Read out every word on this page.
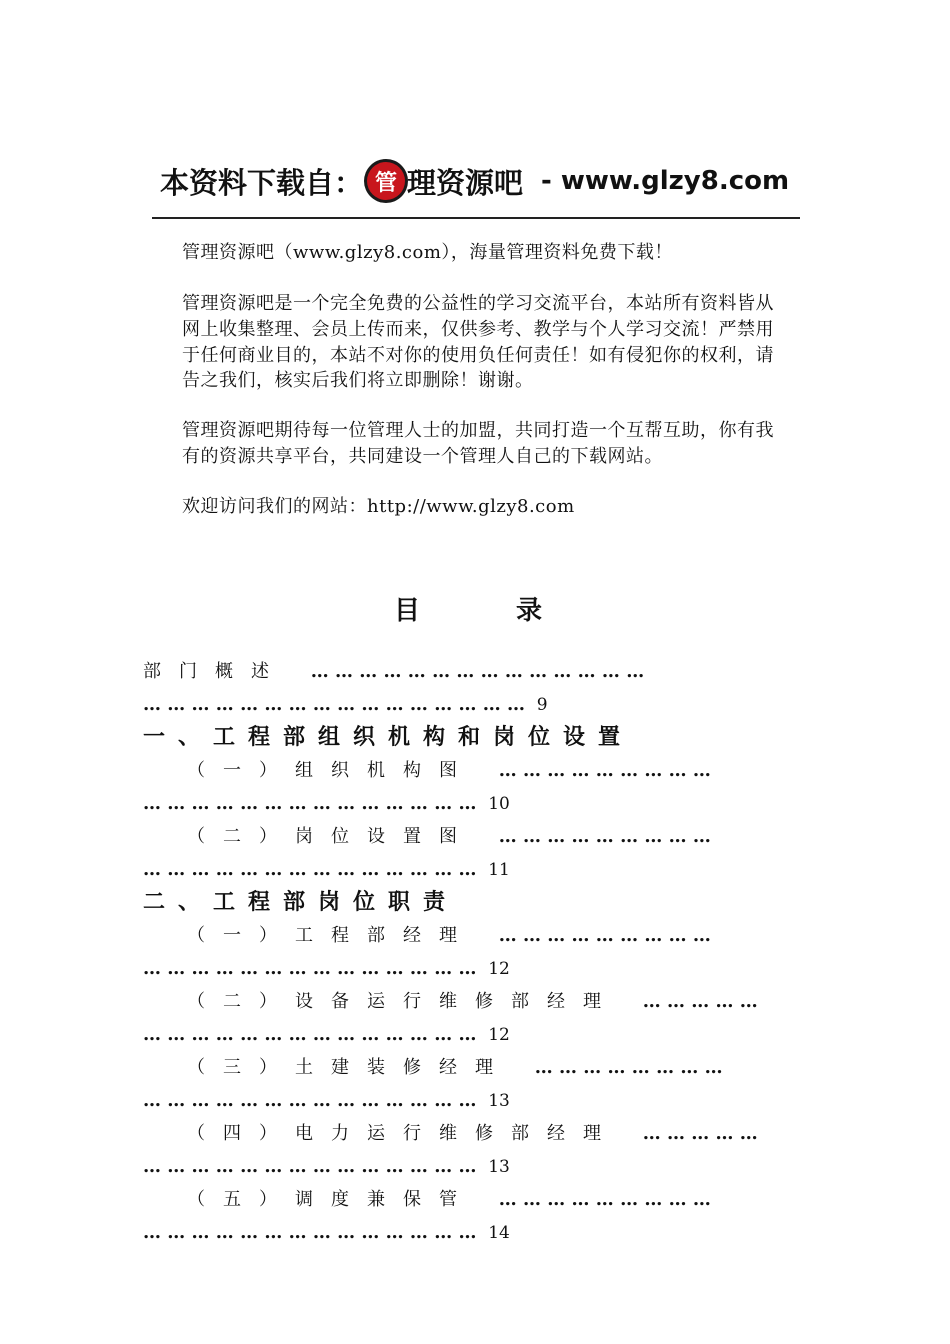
本资料下载自： 管 理资源吧 - www.glzy8.com
管理资源吧（www.glzy8.com），海量管理资料免费下载！
管理资源吧是一个完全免费的公益性的学习交流平台，本站所有资料皆从网上收集整理、会员上传而来，仅供参考、教学与个人学习交流！严禁用于任何商业目的，本站不对你的使用负任何责任！如有侵犯你的权利，请告之我们，核实后我们将立即删除！谢谢。
管理资源吧期待每一位管理人士的加盟，共同打造一个互帮互助，你有我有的资源共享平台，共同建设一个管理人自己的下载网站。
欢迎访问我们的网站：http://www.glzy8.com
目录
部门概述 … … … … … … … … … … … … … …
… … … … … … … … … … … … … … … … 9
一、工程部组织机构和岗位设置
（一）组织机构图 … … … … … … … … …
… … … … … … … … … … … … … … 10
（二）岗位设置图 … … … … … … … … …
… … … … … … … … … … … … … … 11
二、工程部岗位职责
（一）工程部经理 … … … … … … … … …
… … … … … … … … … … … … … … 12
（二）设备运行维修部经理 … … … … …
… … … … … … … … … … … … … … 12
（三）土建装修经理 … … … … … … … …
… … … … … … … … … … … … … … 13
（四）电力运行维修部经理 … … … … …
… … … … … … … … … … … … … … 13
（五）调度兼保管 … … … … … … … … …
… … … … … … … … … … … … … … 14
